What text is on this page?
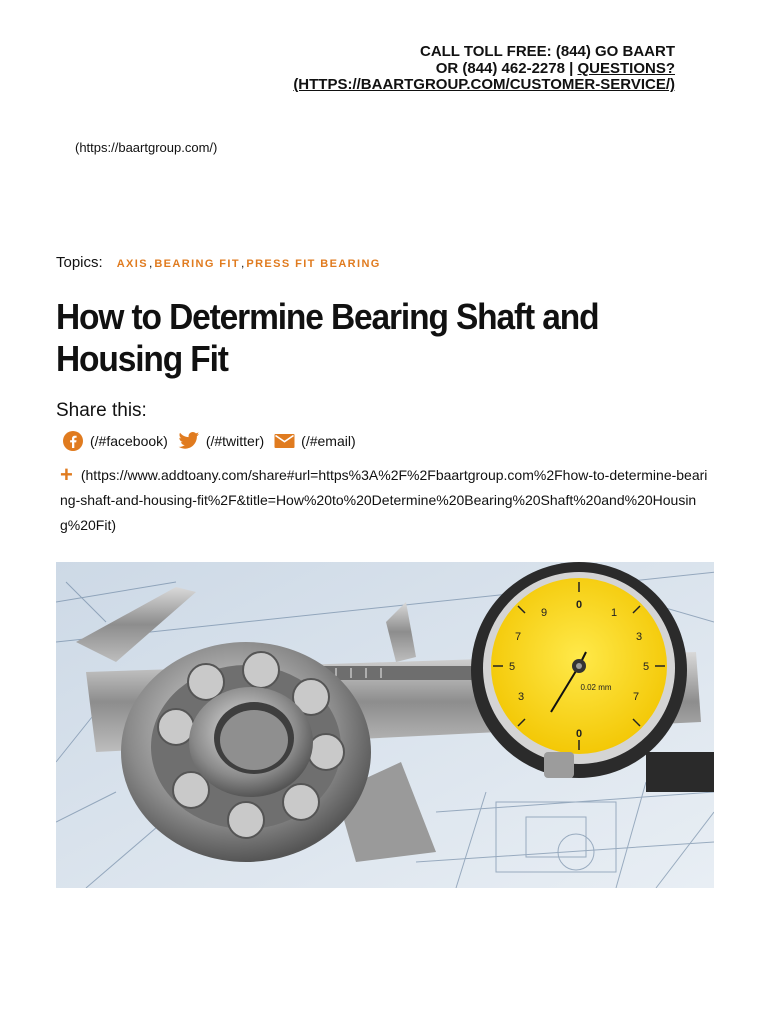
CALL TOLL FREE: (844) GO BAART
OR (844) 462-2278 | QUESTIONS?
(HTTPS://BAARTGROUP.COM/CUSTOMER-SERVICE/)
(https://baartgroup.com/)
Topics: AXIS , BEARING FIT , PRESS FIT BEARING
How to Determine Bearing Shaft and Housing Fit
Share this:
(/#facebook)	(/#twitter)	(/#email)
+ (https://www.addtoany.com/share#url=https%3A%2F%2Fbaartgroup.com%2Fhow-to-determine-bearing-shaft-and-housing-fit%2F&title=How%20to%20Determine%20Bearing%20Shaft%20and%20Housing%20Fit)
0
0
1
3
5
7
9
7
5
3
0.02 mm
